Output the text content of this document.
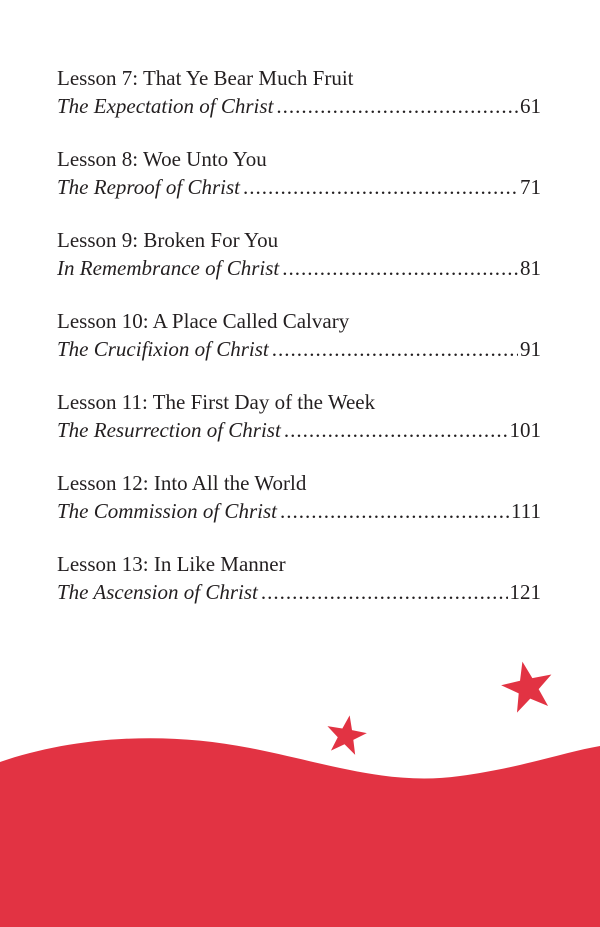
Lesson 7: That Ye Bear Much Fruit
The Expectation of Christ .....	61
Lesson 8: Woe Unto You
The Reproof of Christ .....	71
Lesson 9: Broken For You
In Remembrance of Christ .....	81
Lesson 10: A Place Called Calvary
The Crucifixion of Christ .....	91
Lesson 11: The First Day of the Week
The Resurrection of Christ .....	101
Lesson 12: Into All the World
The Commission of Christ .....	111
Lesson 13: In Like Manner
The Ascension of Christ .....	121
